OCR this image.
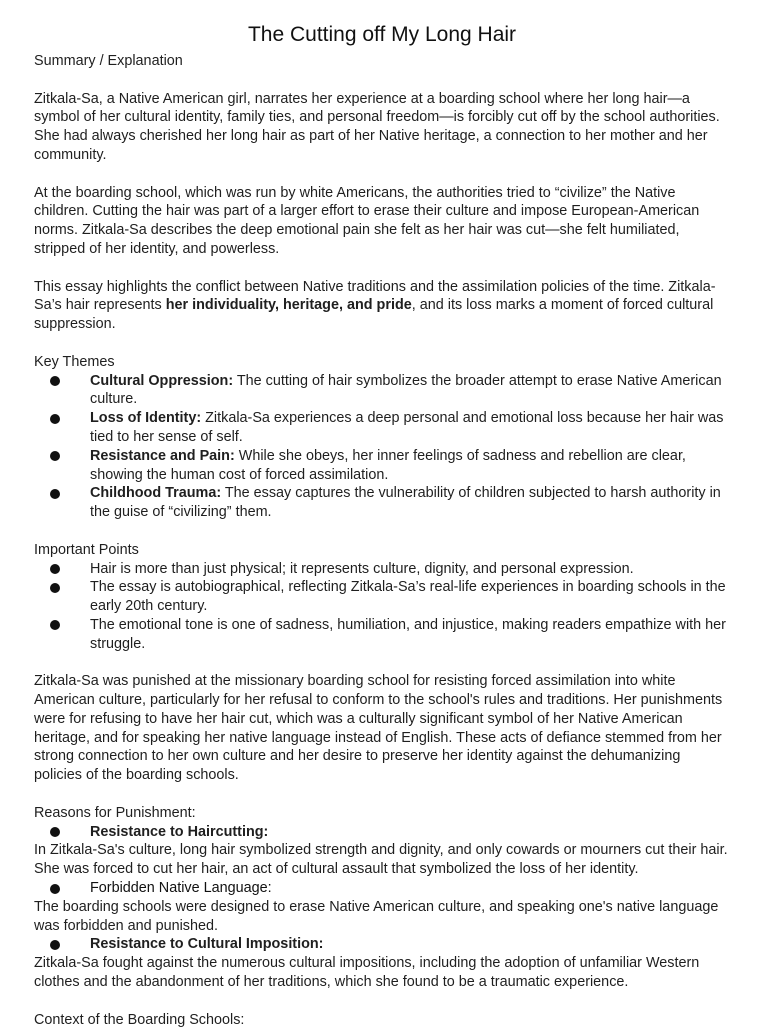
The Cutting off My Long Hair

Summary / Explanation

Zitkala-Sa, a Native American girl, narrates her experience at a boarding school where her long hair—a symbol of her cultural identity, family ties, and personal freedom—is forcibly cut off by the school authorities. She had always cherished her long hair as part of her Native heritage, a connection to her mother and her community.

At the boarding school, which was run by white Americans, the authorities tried to “civilize” the Native children. Cutting the hair was part of a larger effort to erase their culture and impose European-American norms. Zitkala-Sa describes the deep emotional pain she felt as her hair was cut—she felt humiliated, stripped of her identity, and powerless.

This essay highlights the conflict between Native traditions and the assimilation policies of the time. Zitkala-Sa’s hair represents her individuality, heritage, and pride, and its loss marks a moment of forced cultural suppression.

Key Themes

Cultural Oppression: The cutting of hair symbolizes the broader attempt to erase Native American culture.
Loss of Identity: Zitkala-Sa experiences a deep personal and emotional loss because her hair was tied to her sense of self.
Resistance and Pain: While she obeys, her inner feelings of sadness and rebellion are clear, showing the human cost of forced assimilation.
Childhood Trauma: The essay captures the vulnerability of children subjected to harsh authority in the guise of “civilizing” them.

Important Points

Hair is more than just physical; it represents culture, dignity, and personal expression.
The essay is autobiographical, reflecting Zitkala-Sa’s real-life experiences in boarding schools in the early 20th century.
The emotional tone is one of sadness, humiliation, and injustice, making readers empathize with her struggle.

Zitkala-Sa was punished at the missionary boarding school for resisting forced assimilation into white American culture, particularly for her refusal to conform to the school's rules and traditions. Her punishments were for refusing to have her hair cut, which was a culturally significant symbol of her Native American heritage, and for speaking her native language instead of English. These acts of defiance stemmed from her strong connection to her own culture and her desire to preserve her identity against the dehumanizing policies of the boarding schools.

Reasons for Punishment:

Resistance to Haircutting:

In Zitkala-Sa's culture, long hair symbolized strength and dignity, and only cowards or mourners cut their hair. She was forced to cut her hair, an act of cultural assault that symbolized the loss of her identity.

Forbidden Native Language:

The boarding schools were designed to erase Native American culture, and speaking one's native language was forbidden and punished.

Resistance to Cultural Imposition:

Zitkala-Sa fought against the numerous cultural impositions, including the adoption of unfamiliar Western clothes and the abandonment of her traditions, which she found to be a traumatic experience.

Context of the Boarding Schools:
